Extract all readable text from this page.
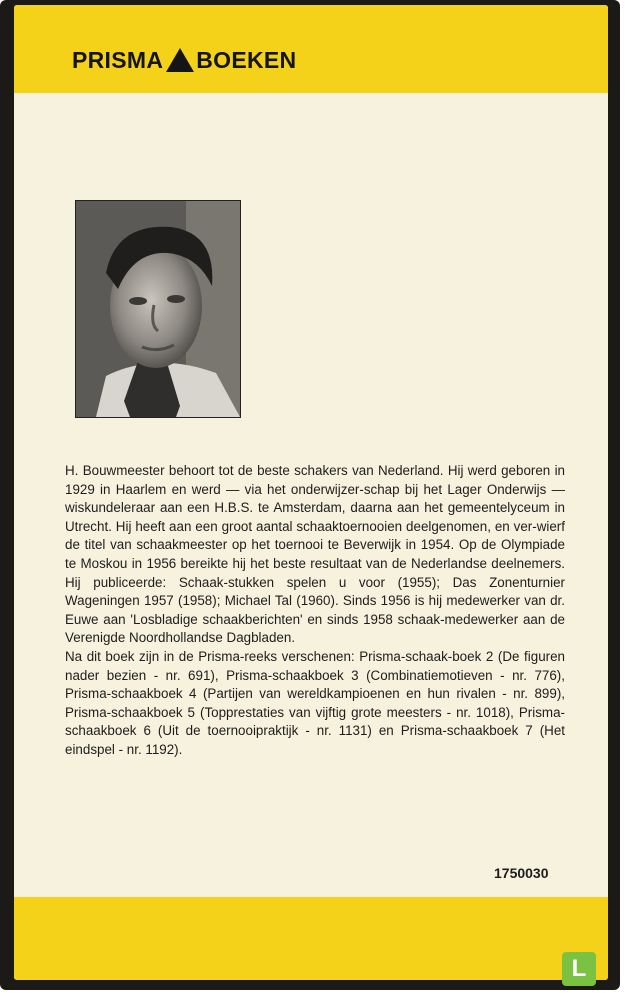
PRISMA BOEKEN

H. Bouwmeester behoort tot de beste schakers van Nederland. Hij werd geboren in 1929 in Haarlem en werd — via het onderwijzer-schap bij het Lager Onderwijs — wiskundeleraar aan een H.B.S. te Amsterdam, daarna aan het gemeentelyceum in Utrecht. Hij heeft aan een groot aantal schaaktoernooien deelgenomen, en ver-wierf de titel van schaakmeester op het toernooi te Beverwijk in 1954. Op de Olympiade te Moskou in 1956 bereikte hij het beste resultaat van de Nederlandse deelnemers. Hij publiceerde: Schaak-stukken spelen u voor (1955); Das Zonenturnier Wageningen 1957 (1958); Michael Tal (1960). Sinds 1956 is hij medewerker van dr. Euwe aan 'Losbladige schaakberichten' en sinds 1958 schaak-medewerker aan de Verenigde Noordhollandse Dagbladen.

Na dit boek zijn in de Prisma-reeks verschenen: Prisma-schaak-boek 2 (De figuren nader bezien - nr. 691), Prisma-schaakboek 3 (Combinatiemotieven - nr. 776), Prisma-schaakboek 4 (Partijen van wereldkampioenen en hun rivalen - nr. 899), Prisma-schaakboek 5 (Topprestaties van vijftig grote meesters - nr. 1018), Prisma-schaakboek 6 (Uit de toernooipraktijk - nr. 1131) en Prisma-schaakboek 7 (Het eindspel - nr. 1192).

1750030
L
